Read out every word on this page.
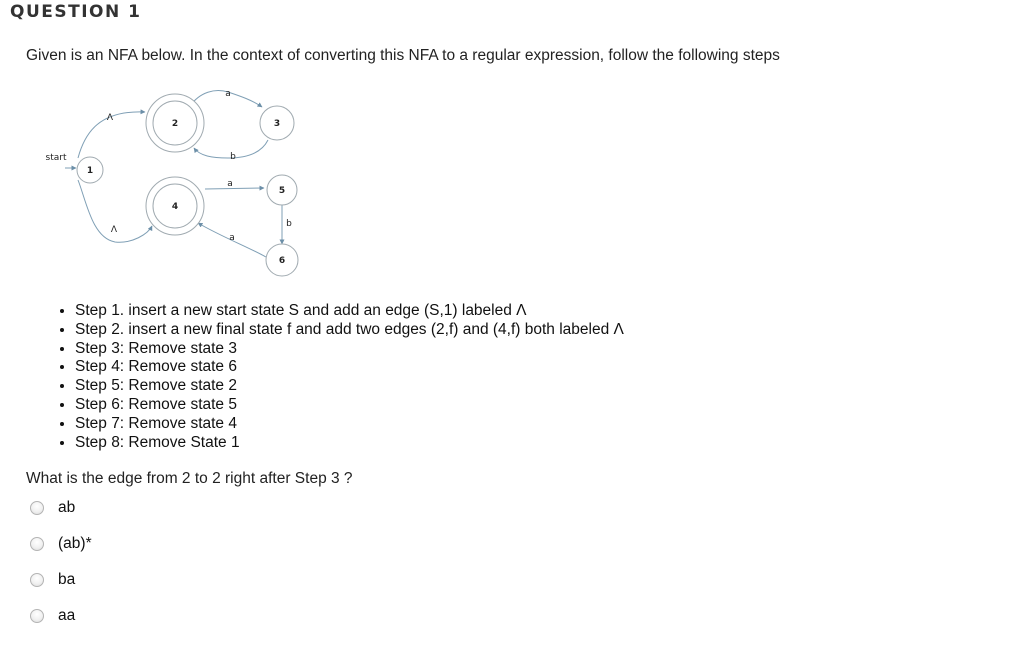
QUESTION 1
Given is an NFA below. In the context of converting this NFA to a regular expression, follow the following steps
1
2	3
4
5
6
start
Λ
Λ
a
b
a
b
a
• Step 1. insert a new start state S and add an edge (S,1) labeled Λ
• Step 2. insert a new final state f and add two edges (2,f) and (4,f) both labeled Λ
• Step 3: Remove state 3
• Step 4: Remove state 6
• Step 5: Remove state 2
• Step 6: Remove state 5
• Step 7: Remove state 4
• Step 8: Remove State 1
What is the edge from 2 to 2 right after Step 3 ?
ab
(ab)*
ba
aa
